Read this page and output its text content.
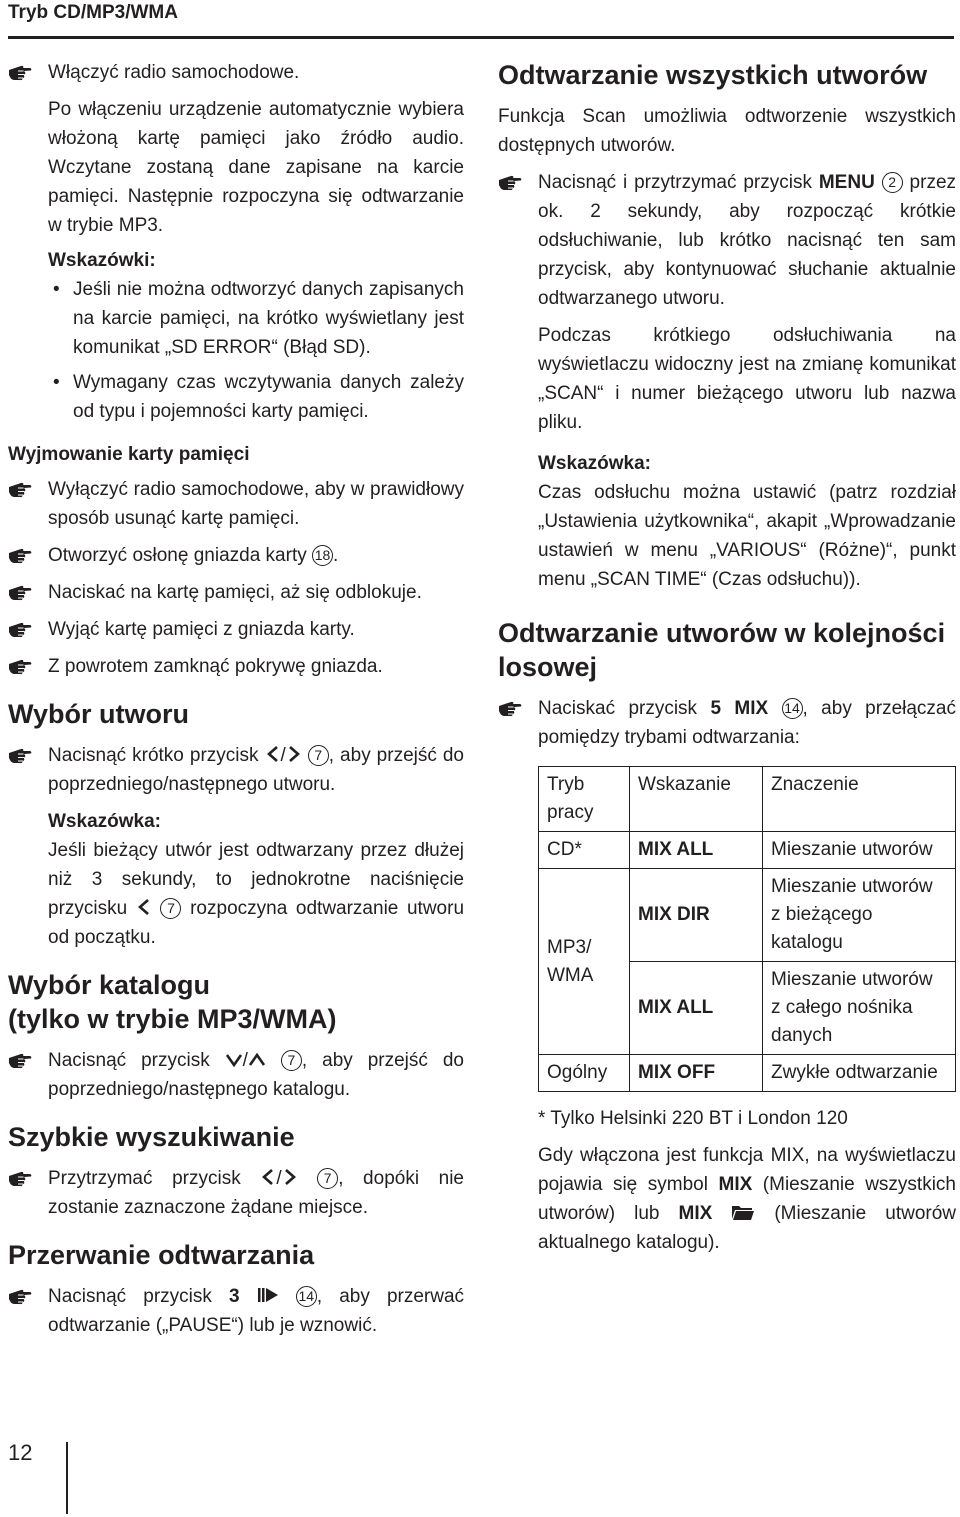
Tryb CD/MP3/WMA
Włączyć radio samochodowe.

Po włączeniu urządzenie automatycznie wybiera włożoną kartę pamięci jako źródło audio. Wczytane zostaną dane zapisane na karcie pamięci. Następnie rozpoczyna się odtwarzanie w trybie MP3.

Wskazówki:
• Jeśli nie można odtworzyć danych zapisanych na karcie pamięci, na krótko wyświetlany jest komunikat „SD ERROR“ (Błąd SD).
• Wymagany czas wczytywania danych zależy od typu i pojemności karty pamięci.
Wyjmowanie karty pamięci
Wyłączyć radio samochodowe, aby w prawidłowy sposób usunąć kartę pamięci.
Otworzyć osłonę gniazda karty 18 .
Naciskać na kartę pamięci, aż się odblokuje.
Wyjąć kartę pamięci z gniazda karty.
Z powrotem zamknąć pokrywę gniazda.
Wybór utworu
Nacisnąć krótko przycisk / 7 , aby przejść do poprzedniego/następnego utworu.
Wskazówka:

Jeśli bieżący utwór jest odtwarzany przez dłużej niż 3 sekundy, to jednokrotne naciśnięcie przycisku	7 rozpoczyna odtwarzanie utworu od początku.

Wybór katalogu
(tylko w trybie MP3/WMA)
Nacisnąć przycisk /	7 , aby przejść do poprzedniego/następnego katalogu.
Szybkie wyszukiwanie
Przytrzymać przycisk /	7 , dopóki nie zostanie zaznaczone żądane miejsce.
Przerwanie odtwarzania
Nacisnąć przycisk 3	14 , aby przerwać odtwarzanie („PAUSE“) lub je wznowić.
Odtwarzanie wszystkich utworów

Funkcja Scan umożliwia odtworzenie wszystkich dostępnych utworów.

Nacisnąć i przytrzymać przycisk MENU 2 przez ok. 2 sekundy, aby rozpocząć krótkie odsłuchiwanie, lub krótko nacisnąć ten sam przycisk, aby kontynuować słuchanie aktualnie odtwarzanego utworu.

Podczas krótkiego odsłuchiwania na wyświetlaczu widoczny jest na zmianę komunikat „SCAN“ i numer bieżącego utworu lub nazwa pliku.

Wskazówka:

Czas odsłuchu można ustawić (patrz rozdział „Ustawienia użytkownika“, akapit „Wprowadzanie ustawień w menu „VARIOUS“ (Różne)“, punkt menu „SCAN TIME“ (Czas odsłuchu)).

Odtwarzanie utworów w kolejności
losowej
Naciskać przycisk 5 MIX 14 , aby przełączać pomiędzy trybami odtwarzania:
Tryb pracy	Wskazanie	Znaczenie
CD*	MIX ALL	Mieszanie utworów
MP3/ WMA	MIX DIR	Mieszanie utworów z bieżącego katalogu
	MIX ALL	Mieszanie utworów z całego nośnika danych
Ogólny	MIX OFF	Zwykłe odtwarzanie
* Tylko Helsinki 220 BT i London 120

Gdy włączona jest funkcja MIX, na wyświetlaczu pojawia się symbol MIX (Mieszanie wszystkich utworów) lub MIX  (Mieszanie utworów aktualnego katalogu).

12
